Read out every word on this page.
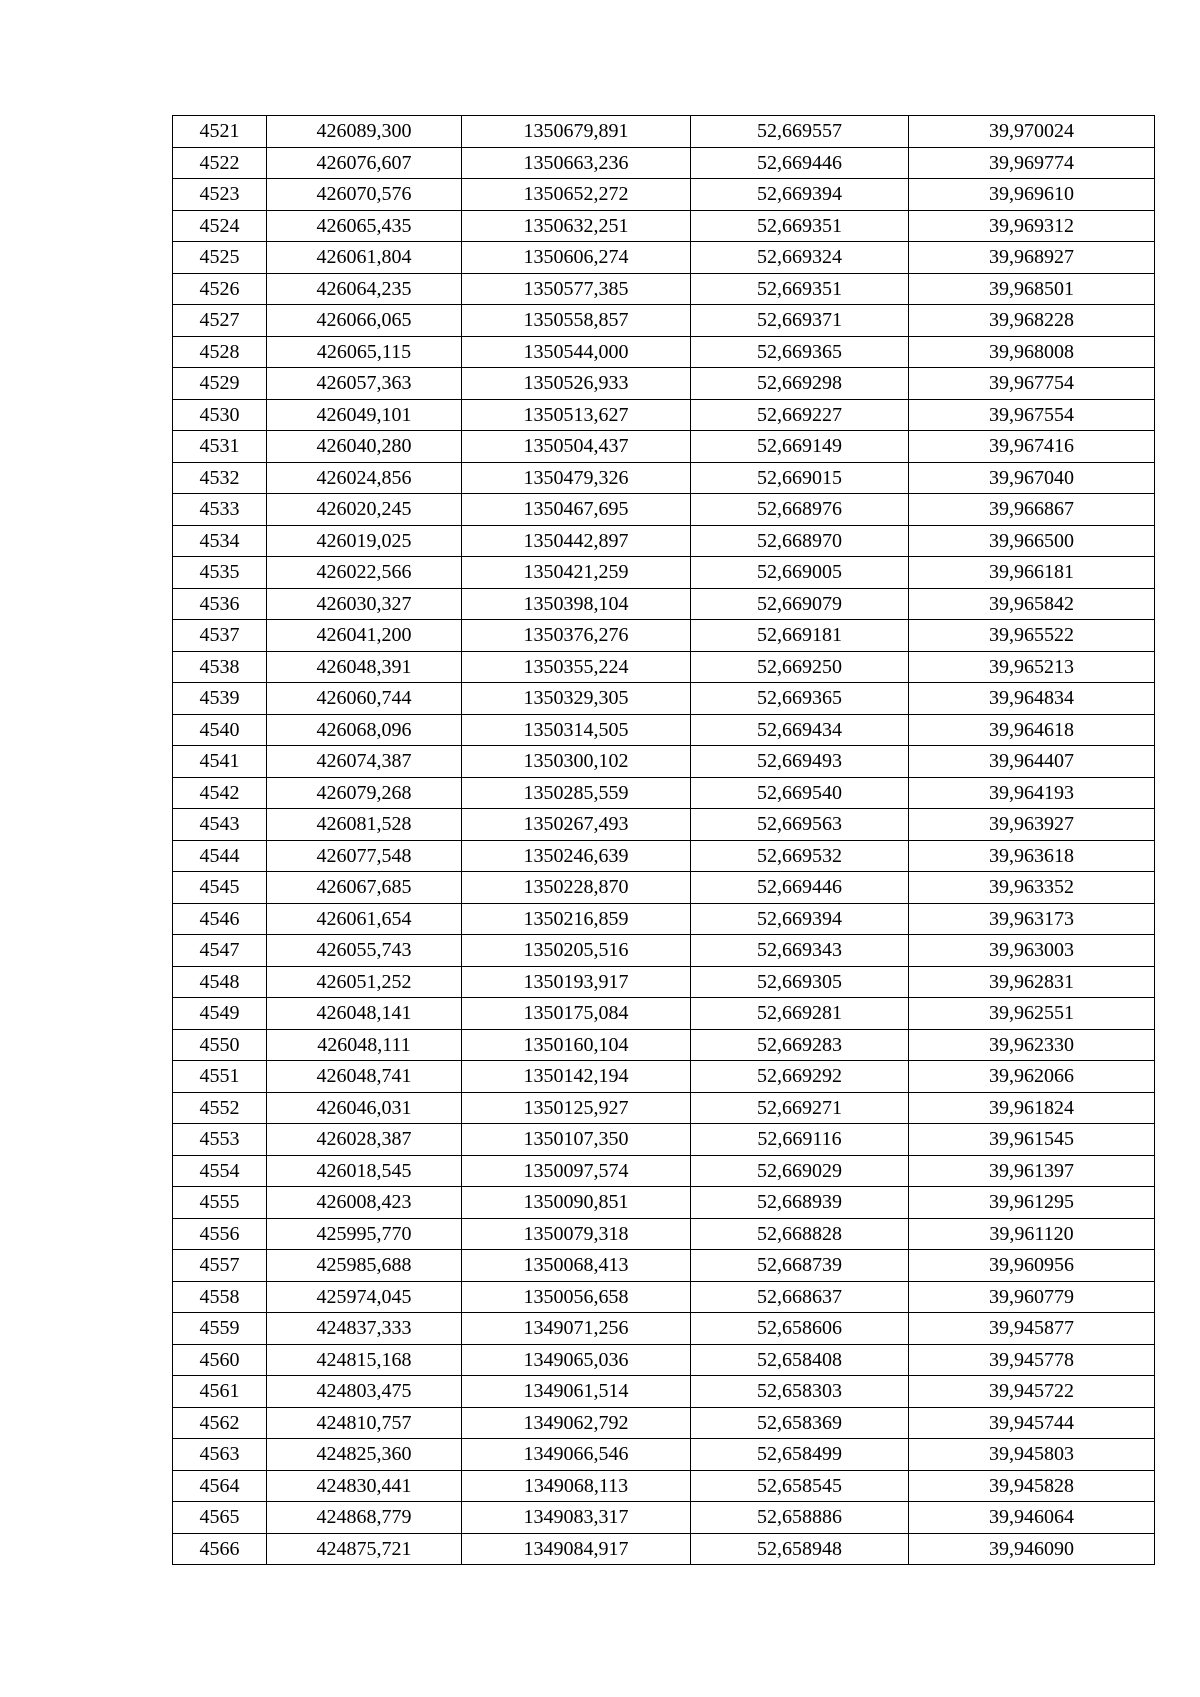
4521	426089,300	1350679,891	52,669557	39,970024
4522	426076,607	1350663,236	52,669446	39,969774
4523	426070,576	1350652,272	52,669394	39,969610
4524	426065,435	1350632,251	52,669351	39,969312
4525	426061,804	1350606,274	52,669324	39,968927
4526	426064,235	1350577,385	52,669351	39,968501
4527	426066,065	1350558,857	52,669371	39,968228
4528	426065,115	1350544,000	52,669365	39,968008
4529	426057,363	1350526,933	52,669298	39,967754
4530	426049,101	1350513,627	52,669227	39,967554
4531	426040,280	1350504,437	52,669149	39,967416
4532	426024,856	1350479,326	52,669015	39,967040
4533	426020,245	1350467,695	52,668976	39,966867
4534	426019,025	1350442,897	52,668970	39,966500
4535	426022,566	1350421,259	52,669005	39,966181
4536	426030,327	1350398,104	52,669079	39,965842
4537	426041,200	1350376,276	52,669181	39,965522
4538	426048,391	1350355,224	52,669250	39,965213
4539	426060,744	1350329,305	52,669365	39,964834
4540	426068,096	1350314,505	52,669434	39,964618
4541	426074,387	1350300,102	52,669493	39,964407
4542	426079,268	1350285,559	52,669540	39,964193
4543	426081,528	1350267,493	52,669563	39,963927
4544	426077,548	1350246,639	52,669532	39,963618
4545	426067,685	1350228,870	52,669446	39,963352
4546	426061,654	1350216,859	52,669394	39,963173
4547	426055,743	1350205,516	52,669343	39,963003
4548	426051,252	1350193,917	52,669305	39,962831
4549	426048,141	1350175,084	52,669281	39,962551
4550	426048,111	1350160,104	52,669283	39,962330
4551	426048,741	1350142,194	52,669292	39,962066
4552	426046,031	1350125,927	52,669271	39,961824
4553	426028,387	1350107,350	52,669116	39,961545
4554	426018,545	1350097,574	52,669029	39,961397
4555	426008,423	1350090,851	52,668939	39,961295
4556	425995,770	1350079,318	52,668828	39,961120
4557	425985,688	1350068,413	52,668739	39,960956
4558	425974,045	1350056,658	52,668637	39,960779
4559	424837,333	1349071,256	52,658606	39,945877
4560	424815,168	1349065,036	52,658408	39,945778
4561	424803,475	1349061,514	52,658303	39,945722
4562	424810,757	1349062,792	52,658369	39,945744
4563	424825,360	1349066,546	52,658499	39,945803
4564	424830,441	1349068,113	52,658545	39,945828
4565	424868,779	1349083,317	52,658886	39,946064
4566	424875,721	1349084,917	52,658948	39,946090
